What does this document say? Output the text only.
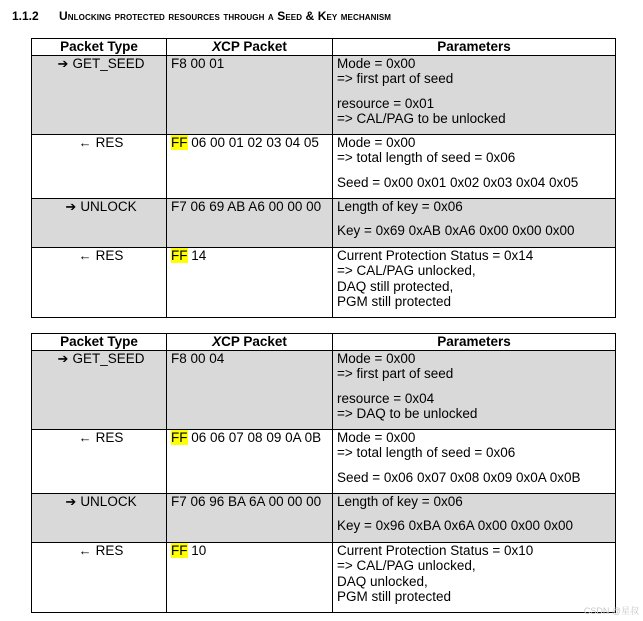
1.1.2 Unlocking protected resources through a Seed & Key mechanism
Packet Type	XCP Packet	Parameters
➔ GET_SEED	F8 00 01	Mode = 0x00
=> first part of seed
resource = 0x01
=> CAL/PAG to be unlocked

← RES	FF 06 00 01 02 03 04 05	Mode = 0x00
=> total length of seed = 0x06
Seed = 0x00 0x01 0x02 0x03 0x04 0x05

➔ UNLOCK	F7 06 69 AB A6 00 00 00	Length of key = 0x06
Key = 0x69 0xAB 0xA6 0x00 0x00 0x00

← RES	FF 14	Current Protection Status = 0x14
=> CAL/PAG unlocked,
DAQ still protected,
PGM still protected
Packet Type	XCP Packet	Parameters
➔ GET_SEED	F8 00 04	Mode = 0x00
=> first part of seed
resource = 0x04
=> DAQ to be unlocked

← RES	FF 06 06 07 08 09 0A 0B	Mode = 0x00
=> total length of seed = 0x06
Seed = 0x06 0x07 0x08 0x09 0x0A 0x0B

➔ UNLOCK	F7 06 96 BA 6A 00 00 00	Length of key = 0x06
Key = 0x96 0xBA 0x6A 0x00 0x00 0x00

← RES	FF 10	Current Protection Status = 0x10
=> CAL/PAG unlocked,
DAQ unlocked,
PGM still protected
CSDN @星叔
